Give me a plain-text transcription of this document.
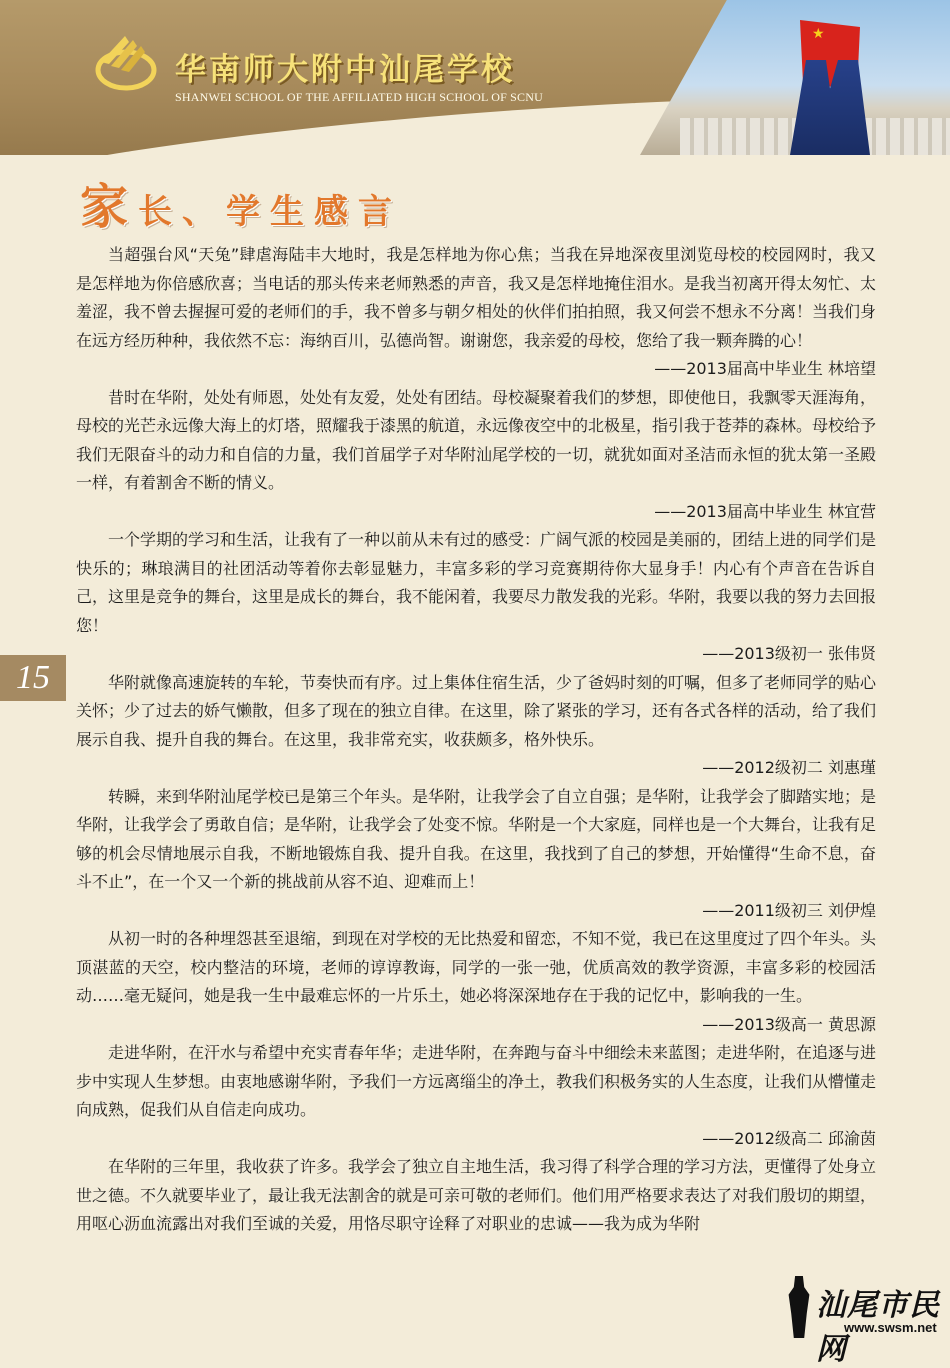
★
华南师大附中汕尾学校
SHANWEI SCHOOL OF THE AFFILIATED HIGH SCHOOL OF SCNU
家长、学生感言
15

当超强台风“天兔”肆虐海陆丰大地时，我是怎样地为你心焦；当我在异地深夜里浏览母校的校园网时，我又是怎样地为你倍感欣喜；当电话的那头传来老师熟悉的声音，我又是怎样地掩住泪水。是我当初离开得太匆忙、太羞涩，我不曾去握握可爱的老师们的手，我不曾多与朝夕相处的伙伴们拍拍照，我又何尝不想永不分离！当我们身在远方经历种种，我依然不忘：海纳百川，弘德尚智。谢谢您，我亲爱的母校，您给了我一颗奔腾的心！

——2013届高中毕业生 林培望

昔时在华附，处处有师恩，处处有友爱，处处有团结。母校凝聚着我们的梦想，即使他日，我飘零天涯海角，母校的光芒永远像大海上的灯塔，照耀我于漆黑的航道，永远像夜空中的北极星，指引我于苍莽的森林。母校给予我们无限奋斗的动力和自信的力量，我们首届学子对华附汕尾学校的一切，就犹如面对圣洁而永恒的犹太第一圣殿一样，有着割舍不断的情义。

——2013届高中毕业生 林宜营

一个学期的学习和生活，让我有了一种以前从未有过的感受：广阔气派的校园是美丽的，团结上进的同学们是快乐的；琳琅满目的社团活动等着你去彰显魅力，丰富多彩的学习竞赛期待你大显身手！内心有个声音在告诉自己，这里是竞争的舞台，这里是成长的舞台，我不能闲着，我要尽力散发我的光彩。华附，我要以我的努力去回报您！

——2013级初一 张伟贤

华附就像高速旋转的车轮，节奏快而有序。过上集体住宿生活，少了爸妈时刻的叮嘱，但多了老师同学的贴心关怀；少了过去的娇气懒散，但多了现在的独立自律。在这里，除了紧张的学习，还有各式各样的活动，给了我们展示自我、提升自我的舞台。在这里，我非常充实，收获颇多，格外快乐。

——2012级初二 刘惠瑾

转瞬，来到华附汕尾学校已是第三个年头。是华附，让我学会了自立自强；是华附，让我学会了脚踏实地；是华附，让我学会了勇敢自信；是华附，让我学会了处变不惊。华附是一个大家庭，同样也是一个大舞台，让我有足够的机会尽情地展示自我，不断地锻炼自我、提升自我。在这里，我找到了自己的梦想，开始懂得“生命不息，奋斗不止”，在一个又一个新的挑战前从容不迫、迎难而上！

——2011级初三 刘伊煌

从初一时的各种埋怨甚至退缩，到现在对学校的无比热爱和留恋，不知不觉，我已在这里度过了四个年头。头顶湛蓝的天空，校内整洁的环境，老师的谆谆教诲，同学的一张一弛，优质高效的教学资源，丰富多彩的校园活动……毫无疑问，她是我一生中最难忘怀的一片乐土，她必将深深地存在于我的记忆中，影响我的一生。

——2013级高一 黄思源

走进华附，在汗水与希望中充实青春年华；走进华附，在奔跑与奋斗中细绘未来蓝图；走进华附，在追逐与进步中实现人生梦想。由衷地感谢华附，予我们一方远离缁尘的净土，教我们积极务实的人生态度，让我们从懵懂走向成熟，促我们从自信走向成功。

——2012级高二 邱渝茵

在华附的三年里，我收获了许多。我学会了独立自主地生活，我习得了科学合理的学习方法，更懂得了处身立世之德。不久就要毕业了，最让我无法割舍的就是可亲可敬的老师们。他们用严格要求表达了对我们殷切的期望，用呕心沥血流露出对我们至诚的关爱，用恪尽职守诠释了对职业的忠诚——我为成为华附

汕尾市民网
www.swsm.net
